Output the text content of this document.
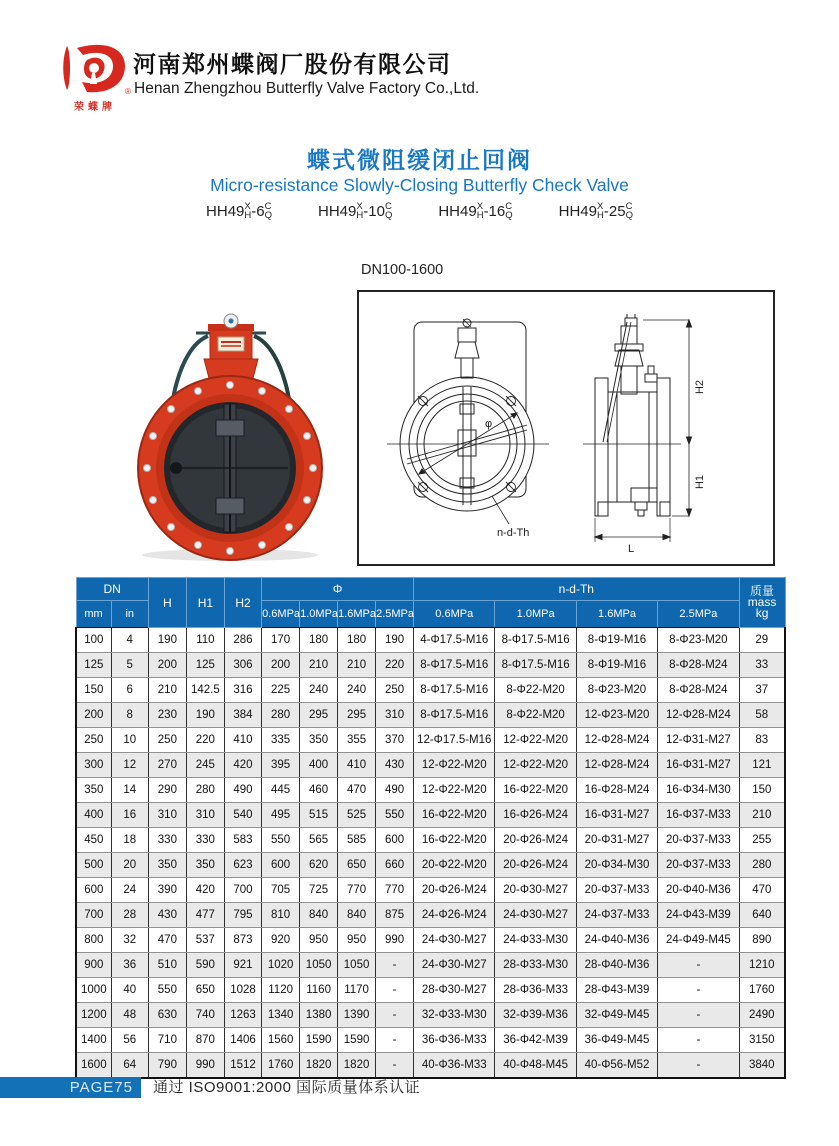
®
荣蝶牌
河南郑州蝶阀厂股份有限公司
Henan Zhengzhou Butterfly Valve Factory Co.,Ltd.
蝶式微阻缓闭止回阀
Micro-resistance Slowly-Closing Butterfly Check Valve
HH49 X
H -6 C
Q	HH49 X
H -10 C
Q	HH49 X
H -16 C
Q	HH49 X
H -25 C
Q
DN100-1600
φ
n-d-Th
H2
H1
L
DN		H	H1	H2	Φ				n-d-Th				质量
mass
kg
mm	in				0.6MPa	1.0MPa	1.6MPa	2.5MPa	0.6MPa	1.0MPa	1.6MPa	2.5MPa	
100	4	190	110	286	170	180	180	190	4-Φ17.5-M16	8-Φ17.5-M16	8-Φ19-M16	8-Φ23-M20	29
125	5	200	125	306	200	210	210	220	8-Φ17.5-M16	8-Φ17.5-M16	8-Φ19-M16	8-Φ28-M24	33
150	6	210	142.5	316	225	240	240	250	8-Φ17.5-M16	8-Φ22-M20	8-Φ23-M20	8-Φ28-M24	37
200	8	230	190	384	280	295	295	310	8-Φ17.5-M16	8-Φ22-M20	12-Φ23-M20	12-Φ28-M24	58
250	10	250	220	410	335	350	355	370	12-Φ17.5-M16	12-Φ22-M20	12-Φ28-M24	12-Φ31-M27	83
300	12	270	245	420	395	400	410	430	12-Φ22-M20	12-Φ22-M20	12-Φ28-M24	16-Φ31-M27	121
350	14	290	280	490	445	460	470	490	12-Φ22-M20	16-Φ22-M20	16-Φ28-M24	16-Φ34-M30	150
400	16	310	310	540	495	515	525	550	16-Φ22-M20	16-Φ26-M24	16-Φ31-M27	16-Φ37-M33	210
450	18	330	330	583	550	565	585	600	16-Φ22-M20	20-Φ26-M24	20-Φ31-M27	20-Φ37-M33	255
500	20	350	350	623	600	620	650	660	20-Φ22-M20	20-Φ26-M24	20-Φ34-M30	20-Φ37-M33	280
600	24	390	420	700	705	725	770	770	20-Φ26-M24	20-Φ30-M27	20-Φ37-M33	20-Φ40-M36	470
700	28	430	477	795	810	840	840	875	24-Φ26-M24	24-Φ30-M27	24-Φ37-M33	24-Φ43-M39	640
800	32	470	537	873	920	950	950	990	24-Φ30-M27	24-Φ33-M30	24-Φ40-M36	24-Φ49-M45	890
900	36	510	590	921	1020	1050	1050	-	24-Φ30-M27	28-Φ33-M30	28-Φ40-M36	-	1210
1000	40	550	650	1028	1120	1160	1170	-	28-Φ30-M27	28-Φ36-M33	28-Φ43-M39	-	1760
1200	48	630	740	1263	1340	1380	1390	-	32-Φ33-M30	32-Φ39-M36	32-Φ49-M45	-	2490
1400	56	710	870	1406	1560	1590	1590	-	36-Φ36-M33	36-Φ42-M39	36-Φ49-M45	-	3150
1600	64	790	990	1512	1760	1820	1820	-	40-Φ36-M33	40-Φ48-M45	40-Φ56-M52	-	3840
PAGE75	通过 ISO9001:2000 国际质量体系认证
